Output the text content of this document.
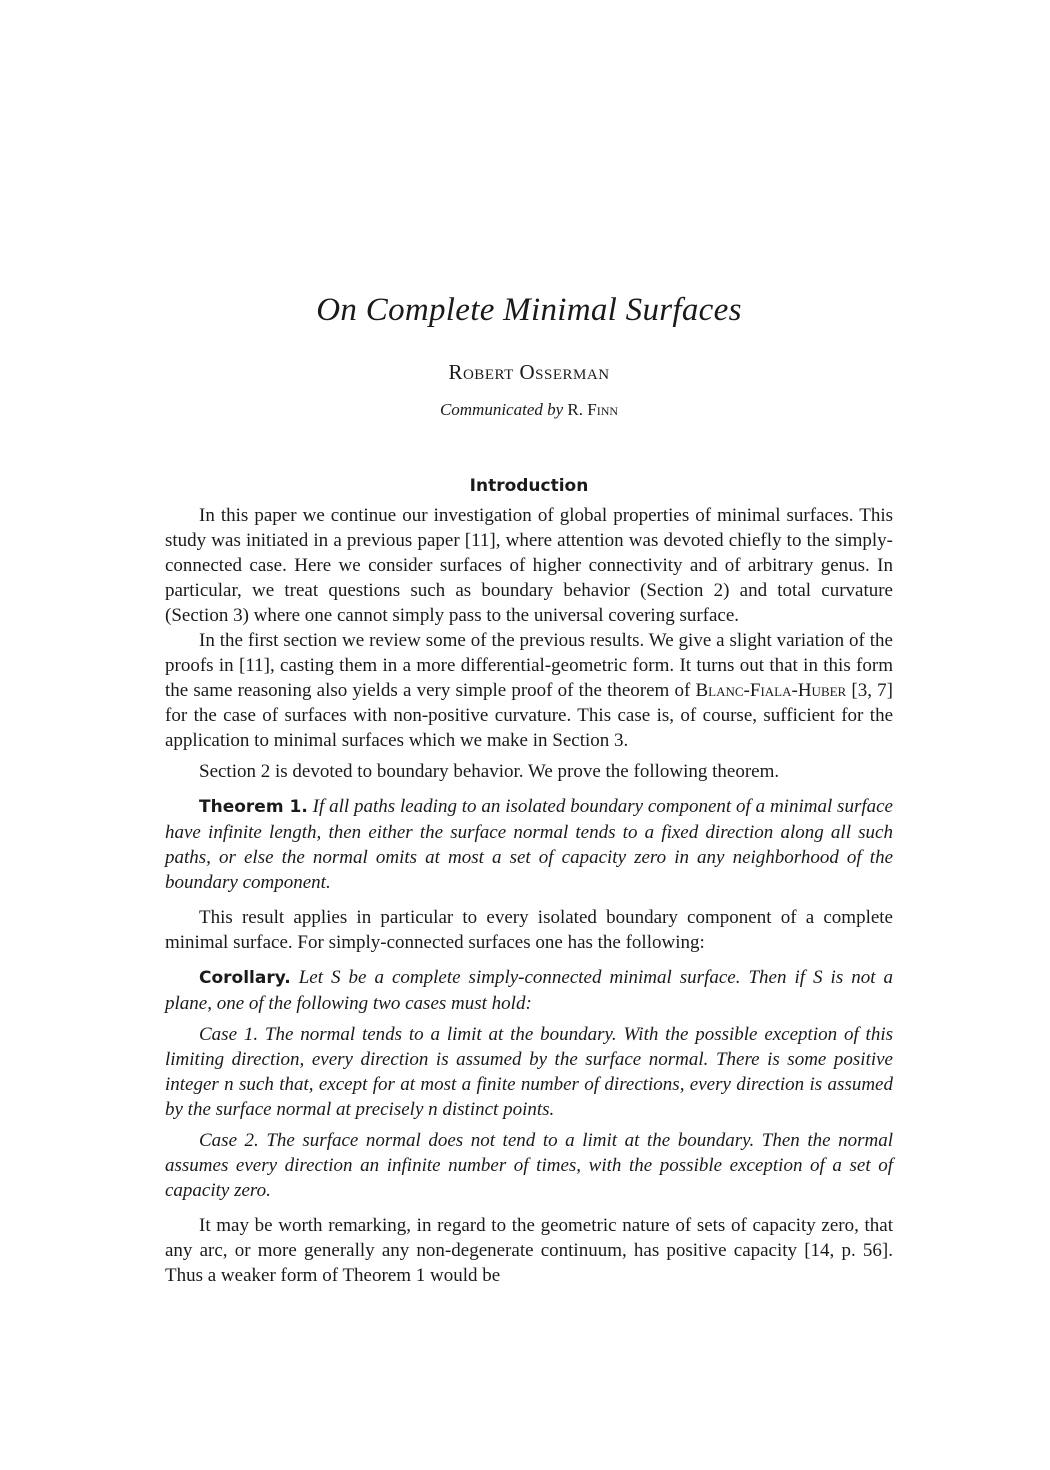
On Complete Minimal Surfaces
Robert Osserman
Communicated by R. Finn
Introduction

In this paper we continue our investigation of global properties of minimal surfaces. This study was initiated in a previous paper [11], where attention was devoted chiefly to the simply-connected case. Here we consider surfaces of higher connectivity and of arbitrary genus. In particular, we treat questions such as boundary behavior (Section 2) and total curvature (Section 3) where one cannot simply pass to the universal covering surface.

In the first section we review some of the previous results. We give a slight variation of the proofs in [11], casting them in a more differential-geometric form. It turns out that in this form the same reasoning also yields a very simple proof of the theorem of Blanc-Fiala-Huber [3, 7] for the case of surfaces with non-positive curvature. This case is, of course, sufficient for the application to minimal surfaces which we make in Section 3.

Section 2 is devoted to boundary behavior. We prove the following theorem.

Theorem 1. If all paths leading to an isolated boundary component of a minimal surface have infinite length, then either the surface normal tends to a fixed direction along all such paths, or else the normal omits at most a set of capacity zero in any neighborhood of the boundary component.

This result applies in particular to every isolated boundary component of a complete minimal surface. For simply-connected surfaces one has the following:

Corollary. Let S be a complete simply-connected minimal surface. Then if S is not a plane, one of the following two cases must hold:

Case 1. The normal tends to a limit at the boundary. With the possible exception of this limiting direction, every direction is assumed by the surface normal. There is some positive integer n such that, except for at most a finite number of directions, every direction is assumed by the surface normal at precisely n distinct points.

Case 2. The surface normal does not tend to a limit at the boundary. Then the normal assumes every direction an infinite number of times, with the possible exception of a set of capacity zero.

It may be worth remarking, in regard to the geometric nature of sets of capacity zero, that any arc, or more generally any non-degenerate continuum, has positive capacity [14, p. 56]. Thus a weaker form of Theorem 1 would be
